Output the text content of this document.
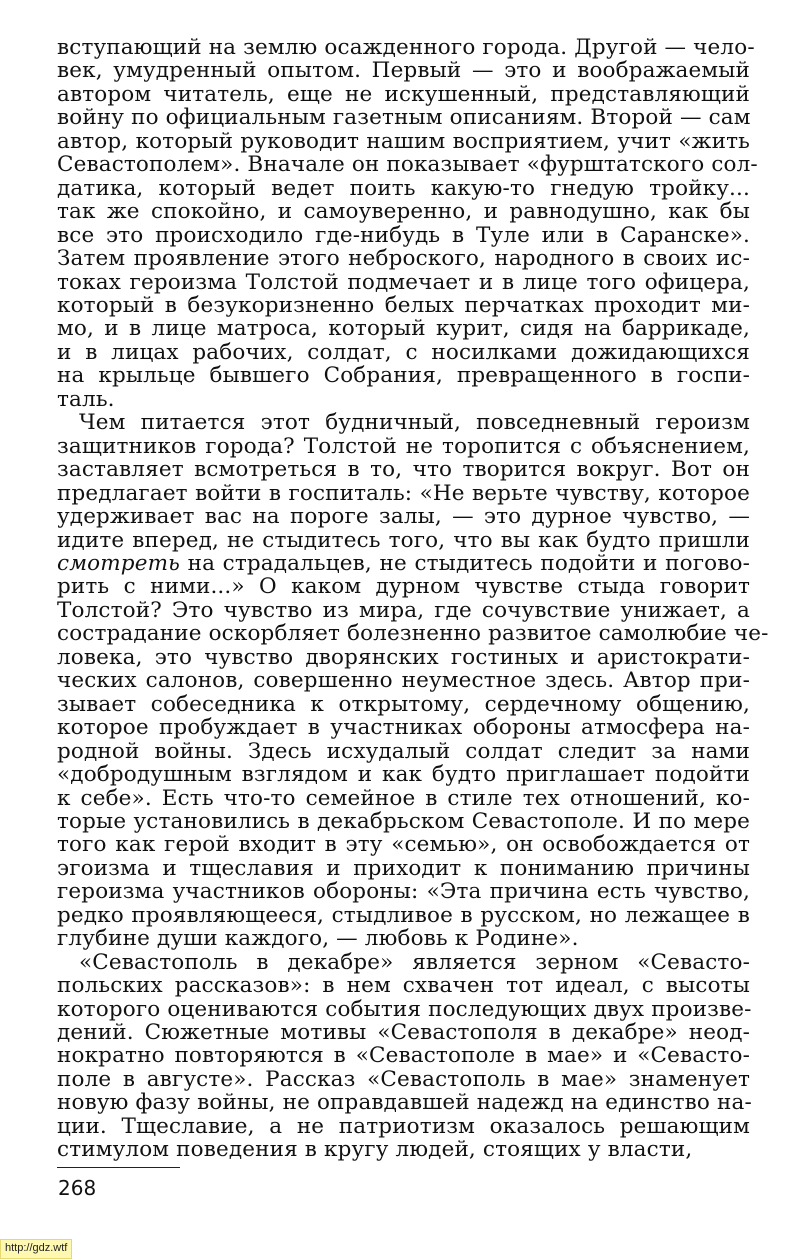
вступающий на землю осажденного города. Другой — чело-
век, умудренный опытом. Первый — это и воображаемый
автором читатель, еще не искушенный, представляющий
войну по официальным газетным описаниям. Второй — сам
автор, который руководит нашим восприятием, учит «жить
Севастополем». Вначале он показывает «фурштатского сол-
датика, который ведет поить какую-то гнедую тройку...
так же спокойно, и самоуверенно, и равнодушно, как бы
все это происходило где-нибудь в Туле или в Саранске».
Затем проявление этого неброского, народного в своих ис-
токах героизма Толстой подмечает и в лице того офицера,
который в безукоризненно белых перчатках проходит ми-
мо, и в лице матроса, который курит, сидя на баррикаде,
и в лицах рабочих, солдат, с носилками дожидающихся
на крыльце бывшего Собрания, превращенного в госпи-
таль.
Чем питается этот будничный, повседневный героизм
защитников города? Толстой не торопится с объяснением,
заставляет всмотреться в то, что творится вокруг. Вот он
предлагает войти в госпиталь: «Не верьте чувству, которое
удерживает вас на пороге залы, — это дурное чувство, —
идите вперед, не стыдитесь того, что вы как будто пришли
смотреть на страдальцев, не стыдитесь подойти и погово-
рить с ними...» О каком дурном чувстве стыда говорит
Толстой? Это чувство из мира, где сочувствие унижает, а
сострадание оскорбляет болезненно развитое самолюбие че-
ловека, это чувство дворянских гостиных и аристократи-
ческих салонов, совершенно неуместное здесь. Автор при-
зывает собеседника к открытому, сердечному общению,
которое пробуждает в участниках обороны атмосфера на-
родной войны. Здесь исхудалый солдат следит за нами
«добродушным взглядом и как будто приглашает подойти
к себе». Есть что-то семейное в стиле тех отношений, ко-
торые установились в декабрьском Севастополе. И по мере
того как герой входит в эту «семью», он освобождается от
эгоизма и тщеславия и приходит к пониманию причины
героизма участников обороны: «Эта причина есть чувство,
редко проявляющееся, стыдливое в русском, но лежащее в
глубине души каждого, — любовь к Родине».
«Севастополь в декабре» является зерном «Севасто-
польских рассказов»: в нем схвачен тот идеал, с высоты
которого оцениваются события последующих двух произве-
дений. Сюжетные мотивы «Севастополя в декабре» неод-
нократно повторяются в «Севастополе в мае» и «Севасто-
поле в августе». Рассказ «Севастополь в мае» знаменует
новую фазу войны, не оправдавшей надежд на единство на-
ции. Тщеславие, а не патриотизм оказалось решающим
стимулом поведения в кругу людей, стоящих у власти,
268
http://gdz.wtf
